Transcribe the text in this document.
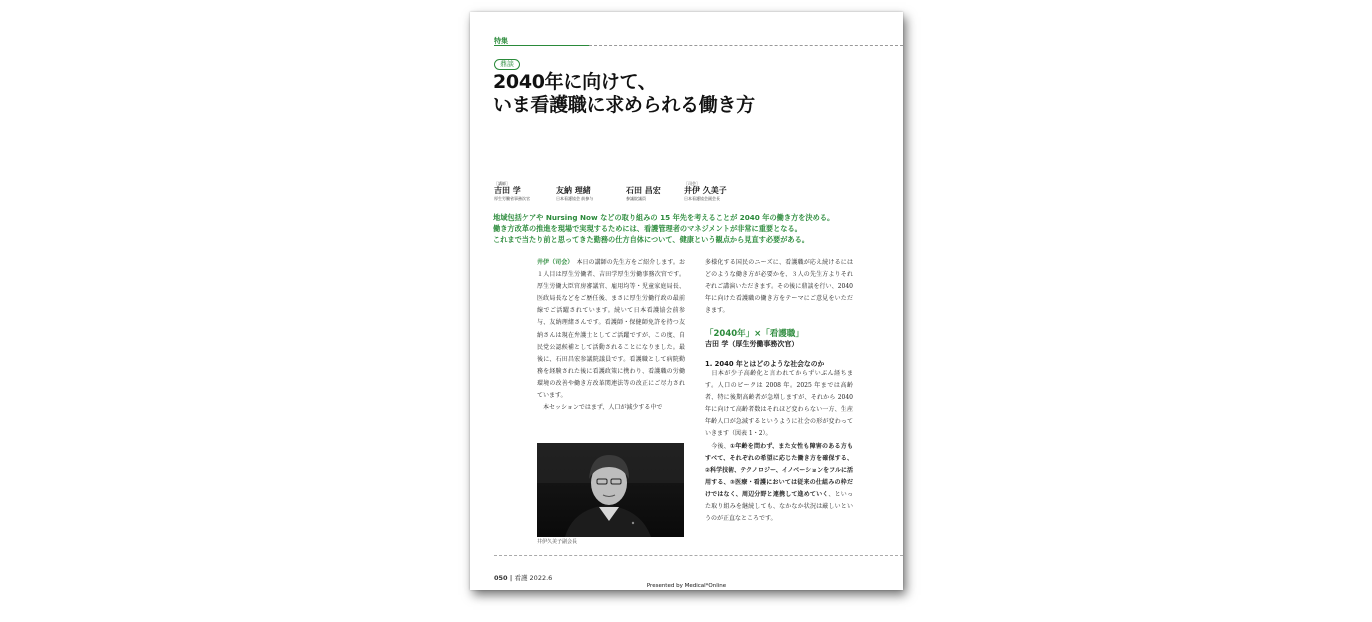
特集
鼎談
2040年に向けて、
いま看護職に求められる働き方
［講師］
吉田 学
厚生労働省事務次官
友納 理緒
日本看護協会 前参与
石田 昌宏
参議院議員
［司会］
井伊 久美子
日本看護協会副会長
地域包括ケアや Nursing Now などの取り組みの 15 年先を考えることが 2040 年の働き方を決める。
働き方改革の推進を現場で実現するためには、看護管理者のマネジメントが非常に重要となる。
これまで当たり前と思ってきた勤務の仕方自体について、健康という観点から見直す必要がある。
井伊（司会）　 本日の講師の先生方をご紹介します。お１人目は厚生労働者、吉田学厚生労働事務次官です。厚生労働大臣官房審議官、雇用均等・児童家庭局長、医政局長などをご歴任後、まさに厚生労働行政の最前線でご活躍されています。続いて日本看護協会前参与、友納理緒さんです。看護師・保健師免許を持つ友納さんは現在弁護士としてご活躍ですが、この度、自民党公認候補として活動されることになりました。最後に、石田昌宏参議院議員です。看護職として病院勤務を経験された後に看護政策に携わり、看護職の労働環境の改善や働き方改革関連法等の改正にご尽力されています。
　本セッションではまず、人口が減少する中で
井伊久美子副会長
多様化する国民のニーズに、看護職が応え続けるにはどのような働き方が必要かを、３人の先生方よりそれぞれご講演いただきます。その後に鼎談を行い、2040 年に向けた看護職の働き方をテーマにご意見をいただきます。
「2040年」×「看護職」
吉田 学（厚生労働事務次官）
1. 2040 年とはどのような社会なのか
　日本が少子高齢化と言われてからずいぶん経ちます。人口のピークは 2008 年。2025 年までは高齢者、特に後期高齢者が急増しますが、それから 2040 年に向けて高齢者数はそれほど変わらない一方、生産年齢人口が急減するというように社会の形が変わっていきます（図表 1・2）。
　今後、①年齢を問わず、また女性も障害のある方もすべて、それぞれの希望に応じた働き方を確保する、②科学技術、テクノロジー、イノベーションをフルに活用する、③医療・看護においては従来の仕組みの枠だけではなく、周辺分野と連携して進めていく、といった取り組みを継続しても、なかなか状況は厳しいというのが正直なところです。
050 | 看護 2022.6
Presented by Medical*Online
